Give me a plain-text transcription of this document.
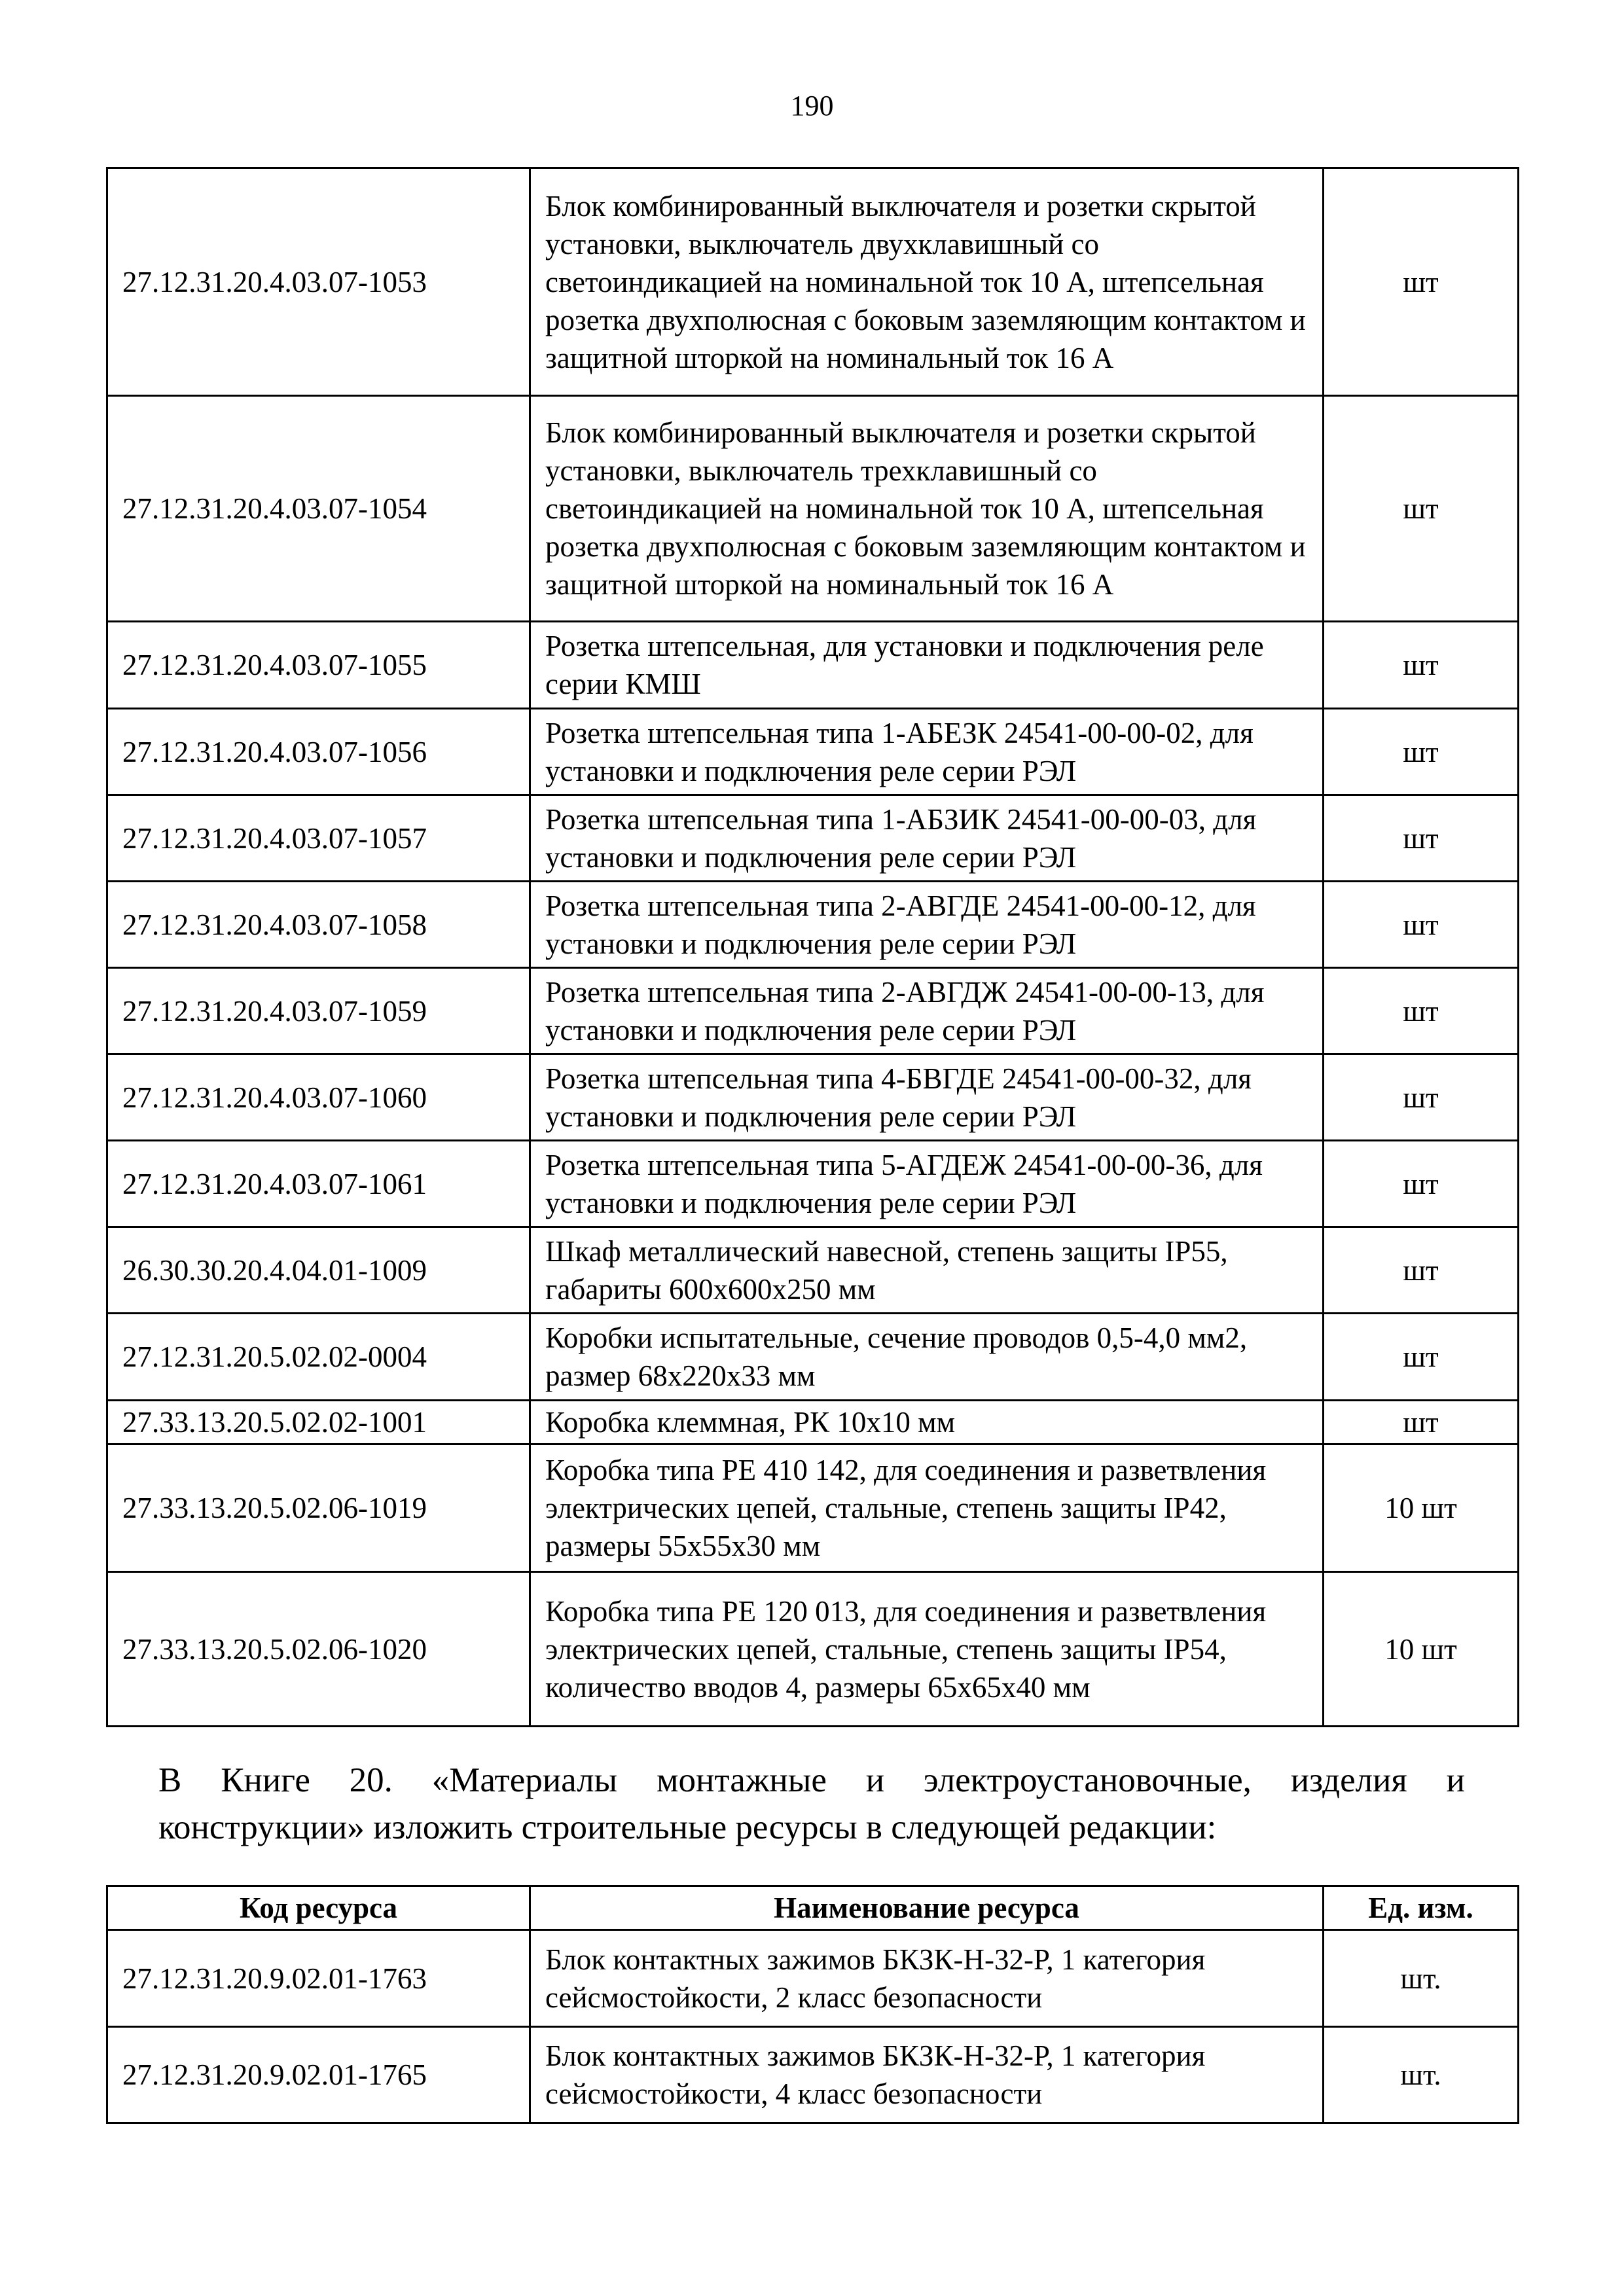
190
27.12.31.20.4.03.07-1053	Блок комбинированный выключателя и розетки скрытой установки, выключатель двухклавишный со светоиндикацией на номинальной ток 10 А, штепсельная розетка двухполюсная с боковым заземляющим контактом и защитной шторкой на номинальный ток 16 А	шт
27.12.31.20.4.03.07-1054	Блок комбинированный выключателя и розетки скрытой установки, выключатель трехклавишный со светоиндикацией на номинальной ток 10 А, штепсельная розетка двухполюсная с боковым заземляющим контактом и защитной шторкой на номинальный ток 16 А	шт
27.12.31.20.4.03.07-1055	Розетка штепсельная, для установки и подключения реле серии КМШ	шт
27.12.31.20.4.03.07-1056	Розетка штепсельная типа 1-АБЕЗК 24541-00-00-02, для установки и подключения реле серии РЭЛ	шт
27.12.31.20.4.03.07-1057	Розетка штепсельная типа 1-АБЗИК 24541-00-00-03, для установки и подключения реле серии РЭЛ	шт
27.12.31.20.4.03.07-1058	Розетка штепсельная типа 2-АВГДЕ 24541-00-00-12, для установки и подключения реле серии РЭЛ	шт
27.12.31.20.4.03.07-1059	Розетка штепсельная типа 2-АВГДЖ 24541-00-00-13, для установки и подключения реле серии РЭЛ	шт
27.12.31.20.4.03.07-1060	Розетка штепсельная типа 4-БВГДЕ 24541-00-00-32, для установки и подключения реле серии РЭЛ	шт
27.12.31.20.4.03.07-1061	Розетка штепсельная типа 5-АГДЕЖ 24541-00-00-36, для установки и подключения реле серии РЭЛ	шт
26.30.30.20.4.04.01-1009	Шкаф металлический навесной, степень защиты IP55, габариты 600х600х250 мм	шт
27.12.31.20.5.02.02-0004	Коробки испытательные, сечение проводов 0,5-4,0 мм2, размер 68х220х33 мм	шт
27.33.13.20.5.02.02-1001	Коробка клеммная, РК 10х10 мм	шт
27.33.13.20.5.02.06-1019	Коробка типа РЕ 410 142, для соединения и разветвления электрических цепей, стальные, степень защиты IP42, размеры 55х55х30 мм	10 шт
27.33.13.20.5.02.06-1020	Коробка типа РЕ 120 013, для соединения и разветвления электрических цепей, стальные, степень защиты IP54, количество вводов 4, размеры 65х65х40 мм	10 шт
В Книге 20. «Материалы монтажные и электроустановочные, изделия и
конструкции» изложить строительные ресурсы в следующей редакции:
Код ресурса	Наименование ресурса	Ед. изм.
27.12.31.20.9.02.01-1763	Блок контактных зажимов БКЗК-Н-32-Р, 1 категория сейсмостойкости, 2 класс безопасности	шт.
27.12.31.20.9.02.01-1765	Блок контактных зажимов БКЗК-Н-32-Р, 1 категория сейсмостойкости, 4 класс безопасности	шт.
